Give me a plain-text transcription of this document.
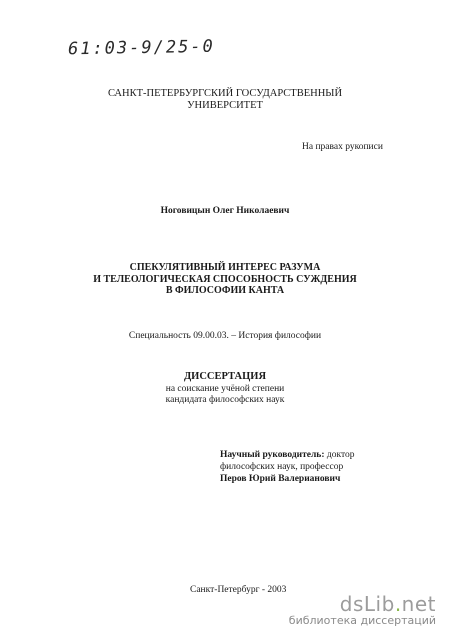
61:03-9/25-0
САНКТ-ПЕТЕРБУРГСКИЙ ГОСУДАРСТВЕННЫЙ
УНИВЕРСИТЕТ
На правах рукописи
Ноговицын Олег Николаевич
СПЕКУЛЯТИВНЫЙ ИНТЕРЕС РАЗУМА
И ТЕЛЕОЛОГИЧЕСКАЯ СПОСОБНОСТЬ СУЖДЕНИЯ
В ФИЛОСОФИИ КАНТА
Специальность 09.00.03. – История философии
ДИССЕРТАЦИЯ
на соискание учёной степени
кандидата философских наук
Научный руководитель: доктор
философских наук, профессор
Перов Юрий Валерианович
Санкт-Петербург - 2003
dsLib.net
библиотека диссертаций
